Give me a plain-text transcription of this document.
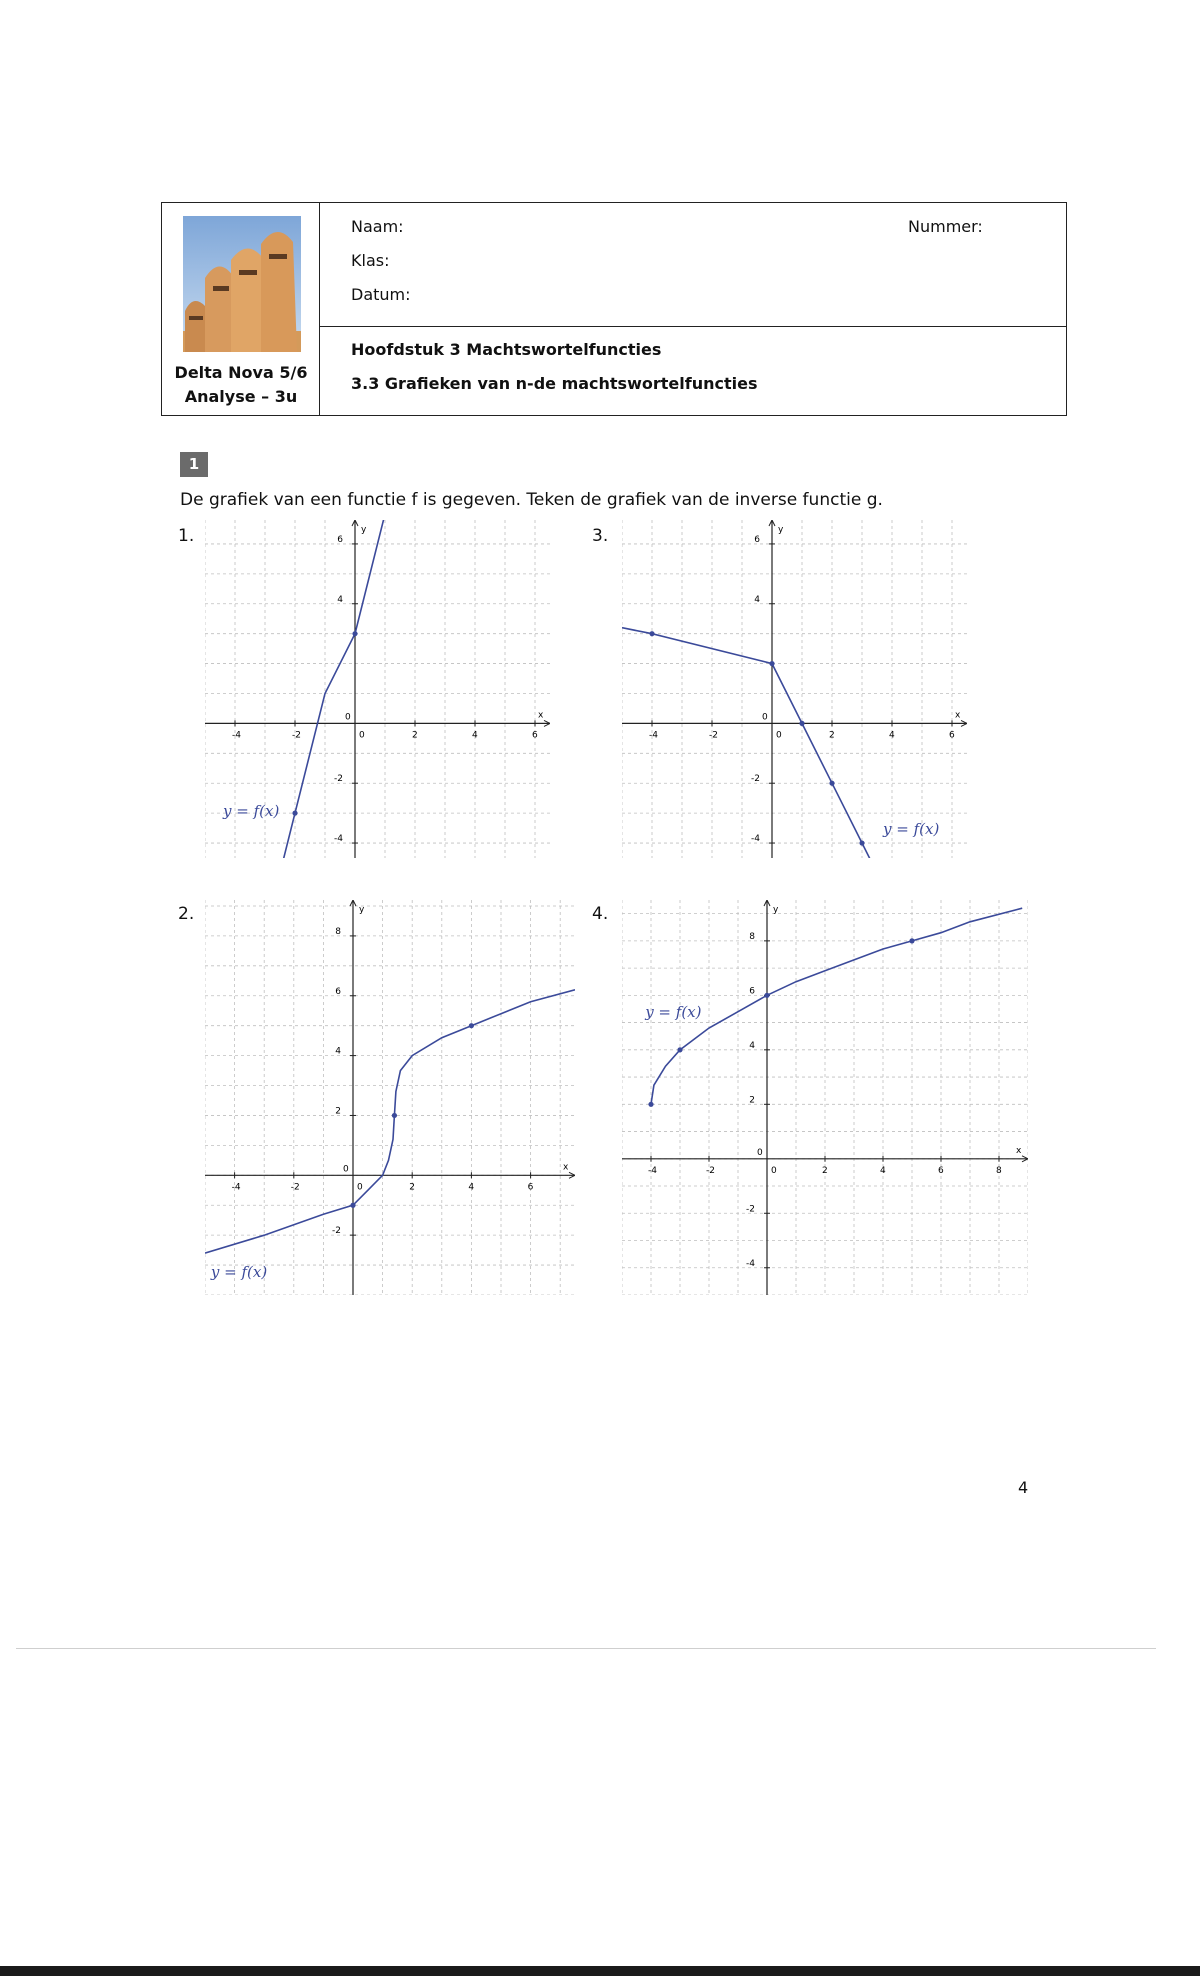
Delta Nova 5/6
Analyse – 3u
Naam:
Klas:
Datum:
Nummer:
Hoofdstuk 3 Machtswortelfuncties
3.3 Grafieken van n-de machtswortelfuncties
1
De grafiek van een functie f is gegeven. Teken de grafiek van de inverse functie g.
1.	3.
2.	4.
x
y
0
-4	-2	0	2	4	6
-4
-2
4
6
y = f(x)
x
y
0
-4	-2	0	2	4	6
-2
2
4
6
8
y = f(x)
x
y
0
-4	-2	0	2	4	6
-4
-2
4
6
y = f(x)
x
y
0
-4	-2	0	2	4	6	8
-4
-2
2
4
6
8
y = f(x)
4
